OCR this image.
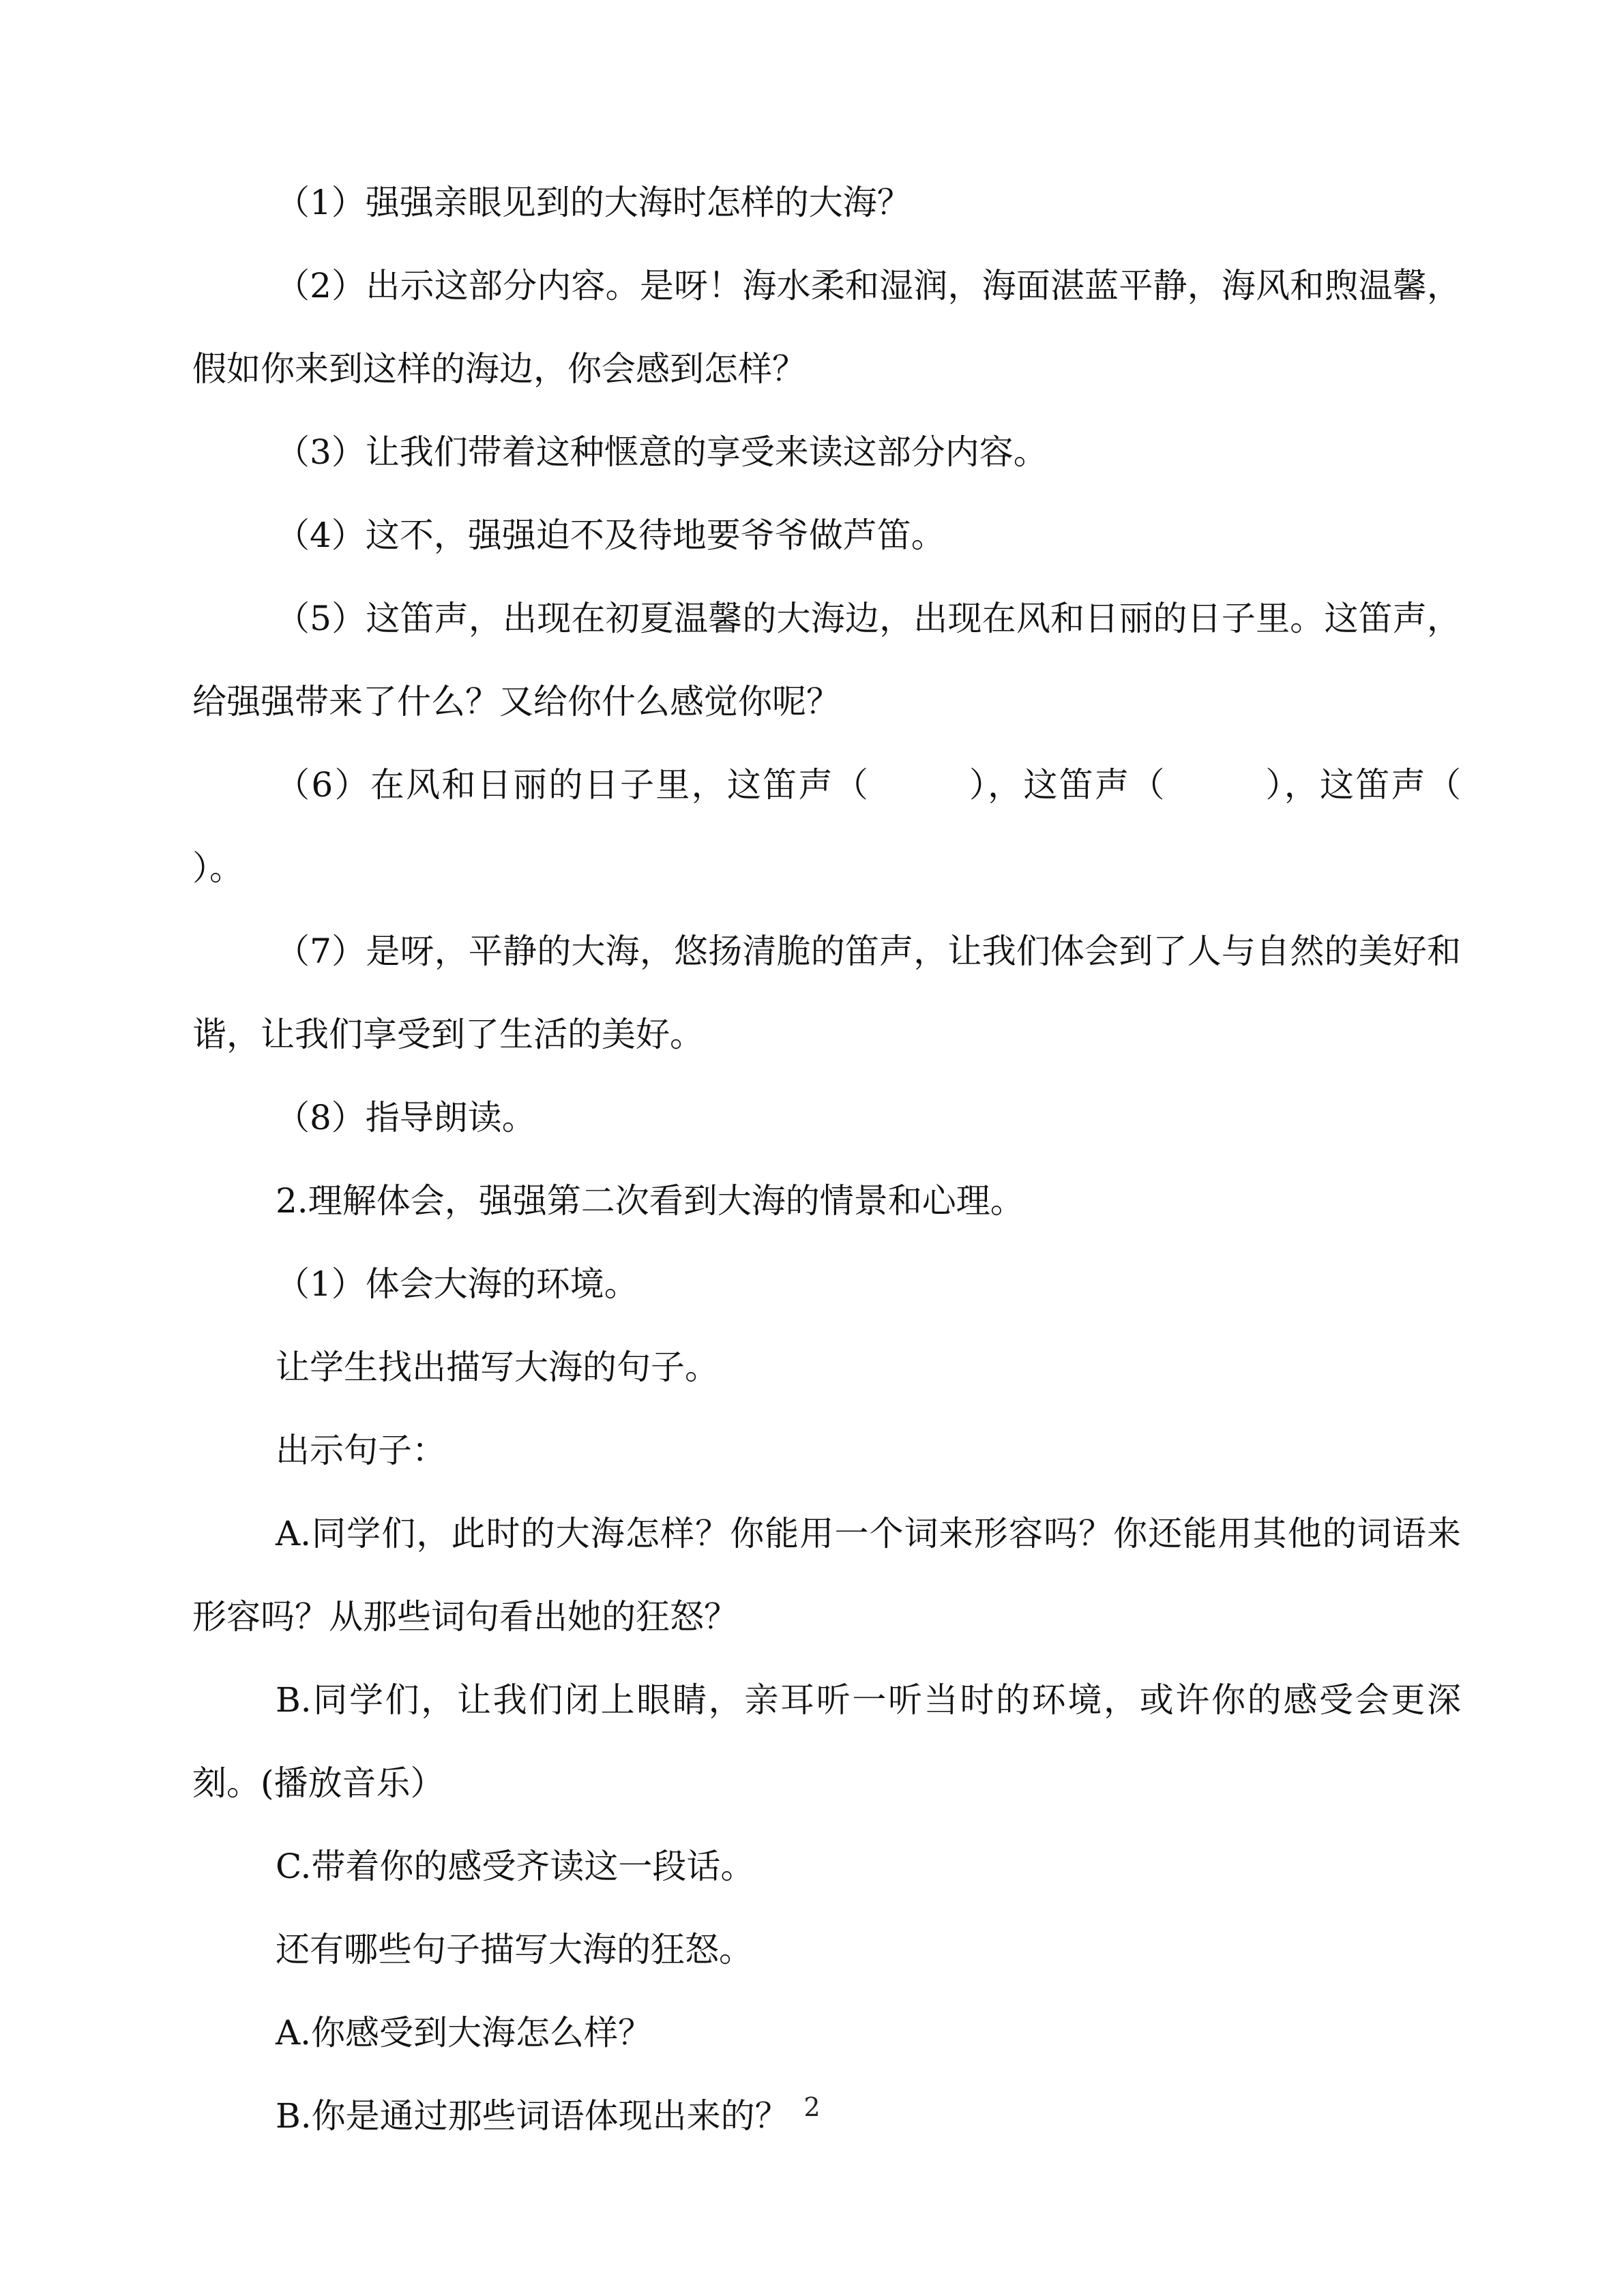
（1）强强亲眼见到的大海时怎样的大海？

（2）出示这部分内容。是呀！海水柔和湿润，海面湛蓝平静，海风和煦温馨，假如你来到这样的海边，你会感到怎样？

（3）让我们带着这种惬意的享受来读这部分内容。

（4）这不，强强迫不及待地要爷爷做芦笛。

（5）这笛声，出现在初夏温馨的大海边，出现在风和日丽的日子里。这笛声，给强强带来了什么？又给你什么感觉你呢？

（6）在风和日丽的日子里，这笛声（        ），这笛声（        ），这笛声（      ）。

（7）是呀，平静的大海，悠扬清脆的笛声，让我们体会到了人与自然的美好和谐，让我们享受到了生活的美好。

（8）指导朗读。

2.理解体会，强强第二次看到大海的情景和心理。

（1）体会大海的环境。

让学生找出描写大海的句子。

出示句子：

A.同学们，此时的大海怎样？你能用一个词来形容吗？你还能用其他的词语来形容吗？从那些词句看出她的狂怒？

B.同学们，让我们闭上眼睛，亲耳听一听当时的环境，或许你的感受会更深刻。(播放音乐）

C.带着你的感受齐读这一段话。

还有哪些句子描写大海的狂怒。

A.你感受到大海怎么样？

B.你是通过那些词语体现出来的？ 2
